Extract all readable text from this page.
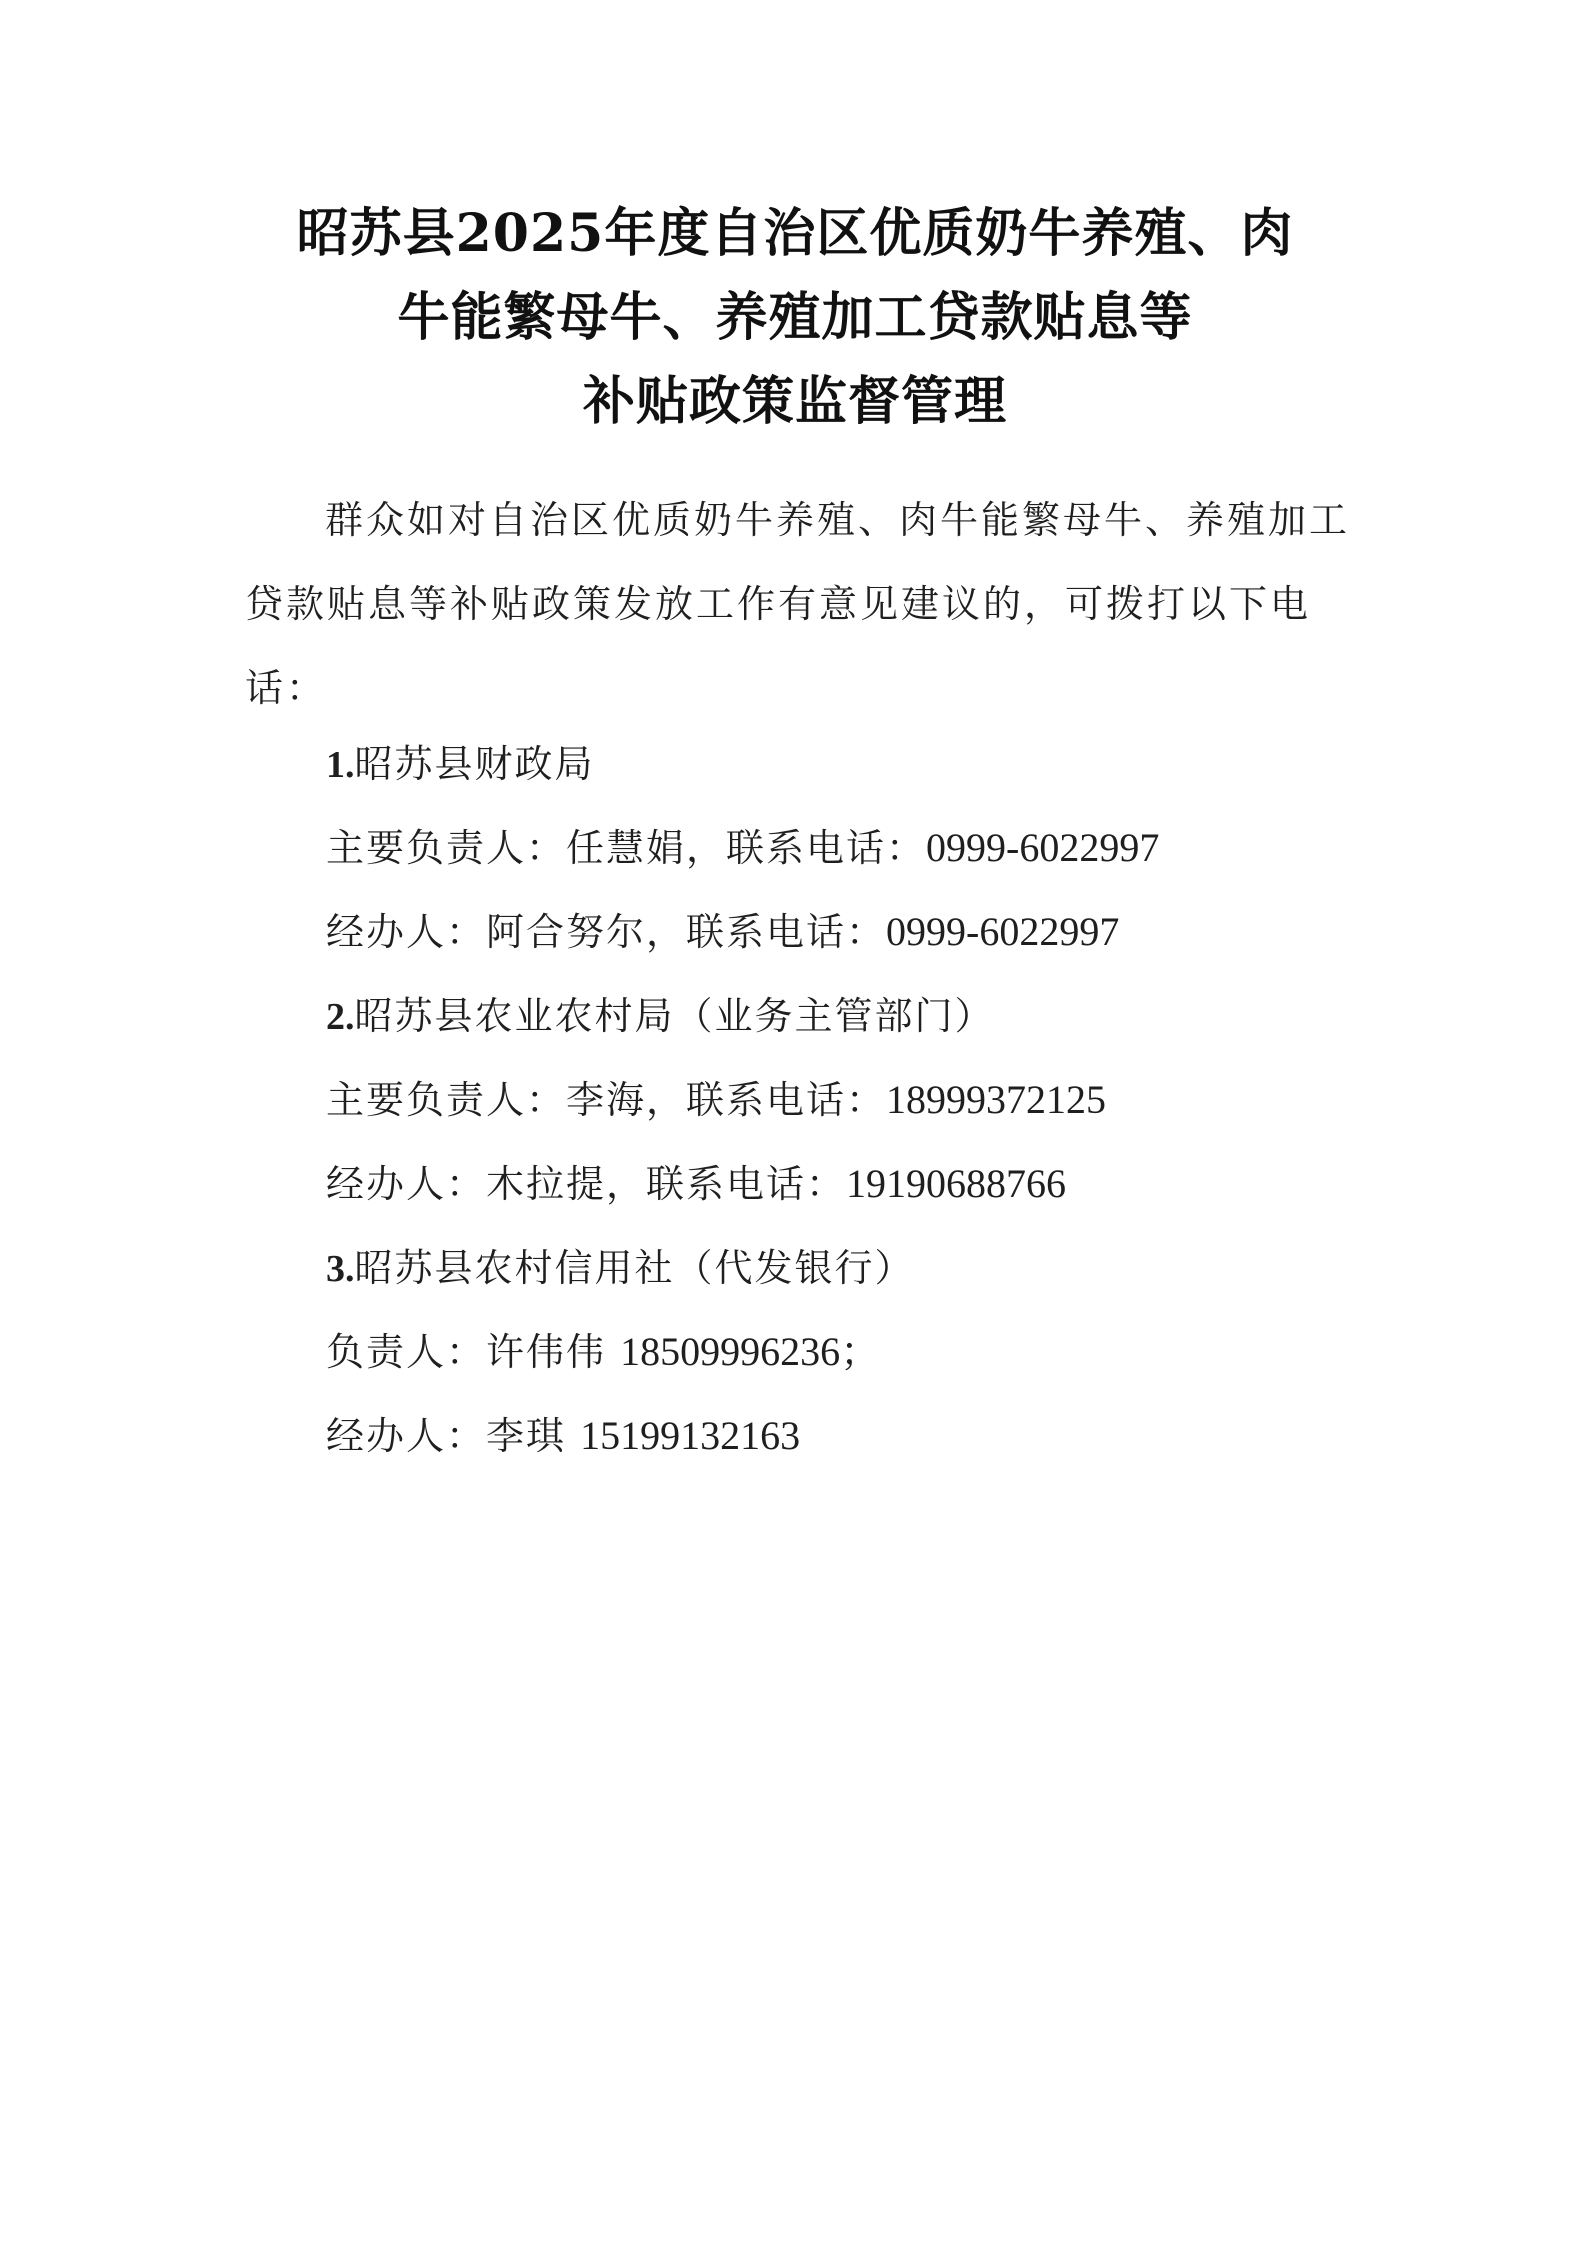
昭苏县2025年度自治区优质奶牛养殖、肉
牛能繁母牛、养殖加工贷款贴息等
补贴政策监督管理

群众如对自治区优质奶牛养殖、肉牛能繁母牛、养殖加工贷款贴息等补贴政策发放工作有意见建议的，可拨打以下电话：

1.昭苏县财政局
主要负责人：任慧娟，联系电话：0999-6022997
经办人：阿合努尔，联系电话：0999-6022997
2.昭苏县农业农村局（业务主管部门）
主要负责人：李海，联系电话：18999372125
经办人：木拉提，联系电话：19190688766
3.昭苏县农村信用社（代发银行）
负责人：许伟伟 18509996236；
经办人：李琪 15199132163
